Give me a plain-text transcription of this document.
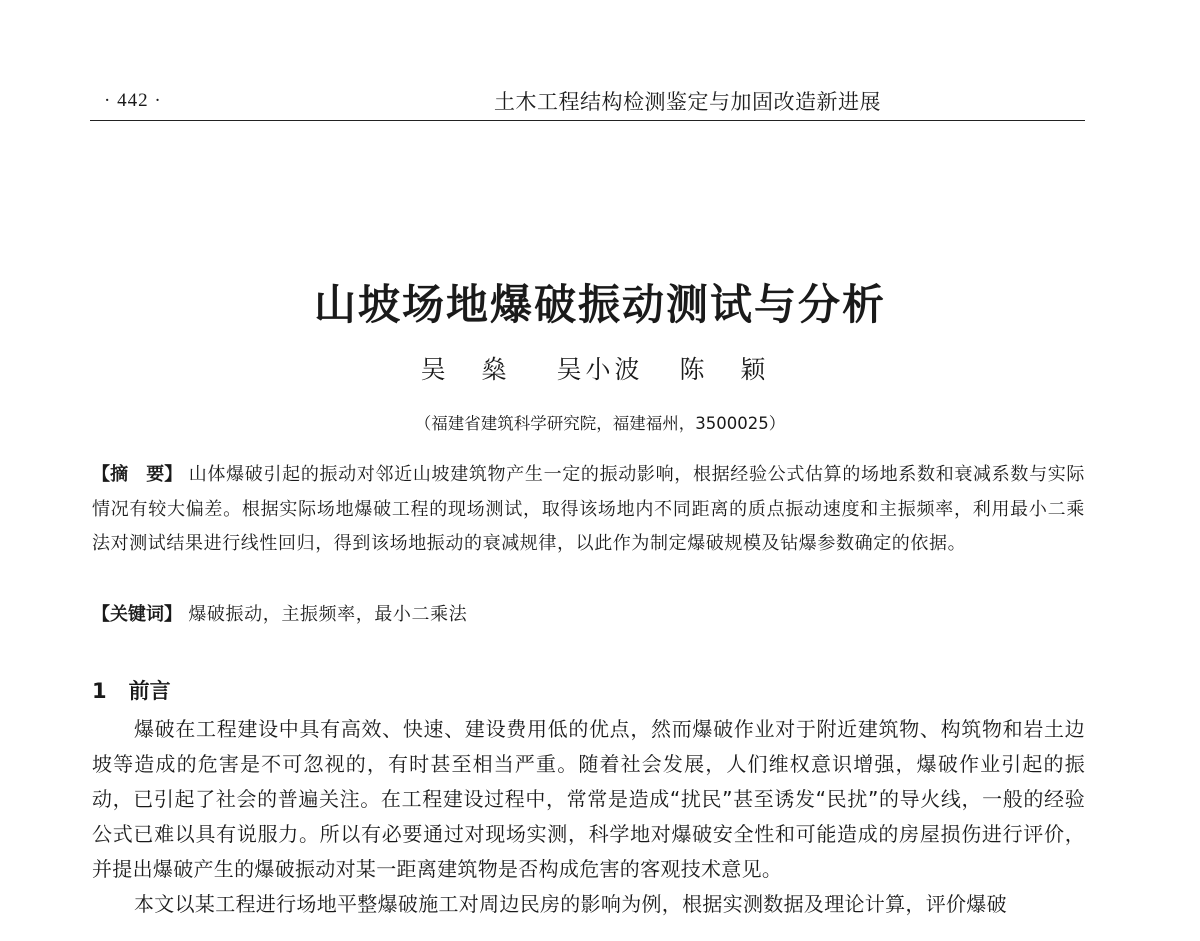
· 442 ·	土木工程结构检测鉴定与加固改造新进展
山坡场地爆破振动测试与分析
吴 燊 吴小波 陈 颖
（福建省建筑科学研究院，福建福州，3500025）
【摘　要】 山体爆破引起的振动对邻近山坡建筑物产生一定的振动影响，根据经验公式估算的场地系数和衰减系数与实际情况有较大偏差。根据实际场地爆破工程的现场测试，取得该场地内不同距离的质点振动速度和主振频率，利用最小二乘法对测试结果进行线性回归，得到该场地振动的衰减规律，以此作为制定爆破规模及钻爆参数确定的依据。
【关键词】 爆破振动，主振频率，最小二乘法
1 前言

爆破在工程建设中具有高效、快速、建设费用低的优点，然而爆破作业对于附近建筑物、构筑物和岩土边坡等造成的危害是不可忽视的，有时甚至相当严重。随着社会发展，人们维权意识增强，爆破作业引起的振动，已引起了社会的普遍关注。在工程建设过程中，常常是造成“扰民”甚至诱发“民扰”的导火线，一般的经验公式已难以具有说服力。所以有必要通过对现场实测，科学地对爆破安全性和可能造成的房屋损伤进行评价，并提出爆破产生的爆破振动对某一距离建筑物是否构成危害的客观技术意见。

本文以某工程进行场地平整爆破施工对周边民房的影响为例，根据实测数据及理论计算，评价爆破
